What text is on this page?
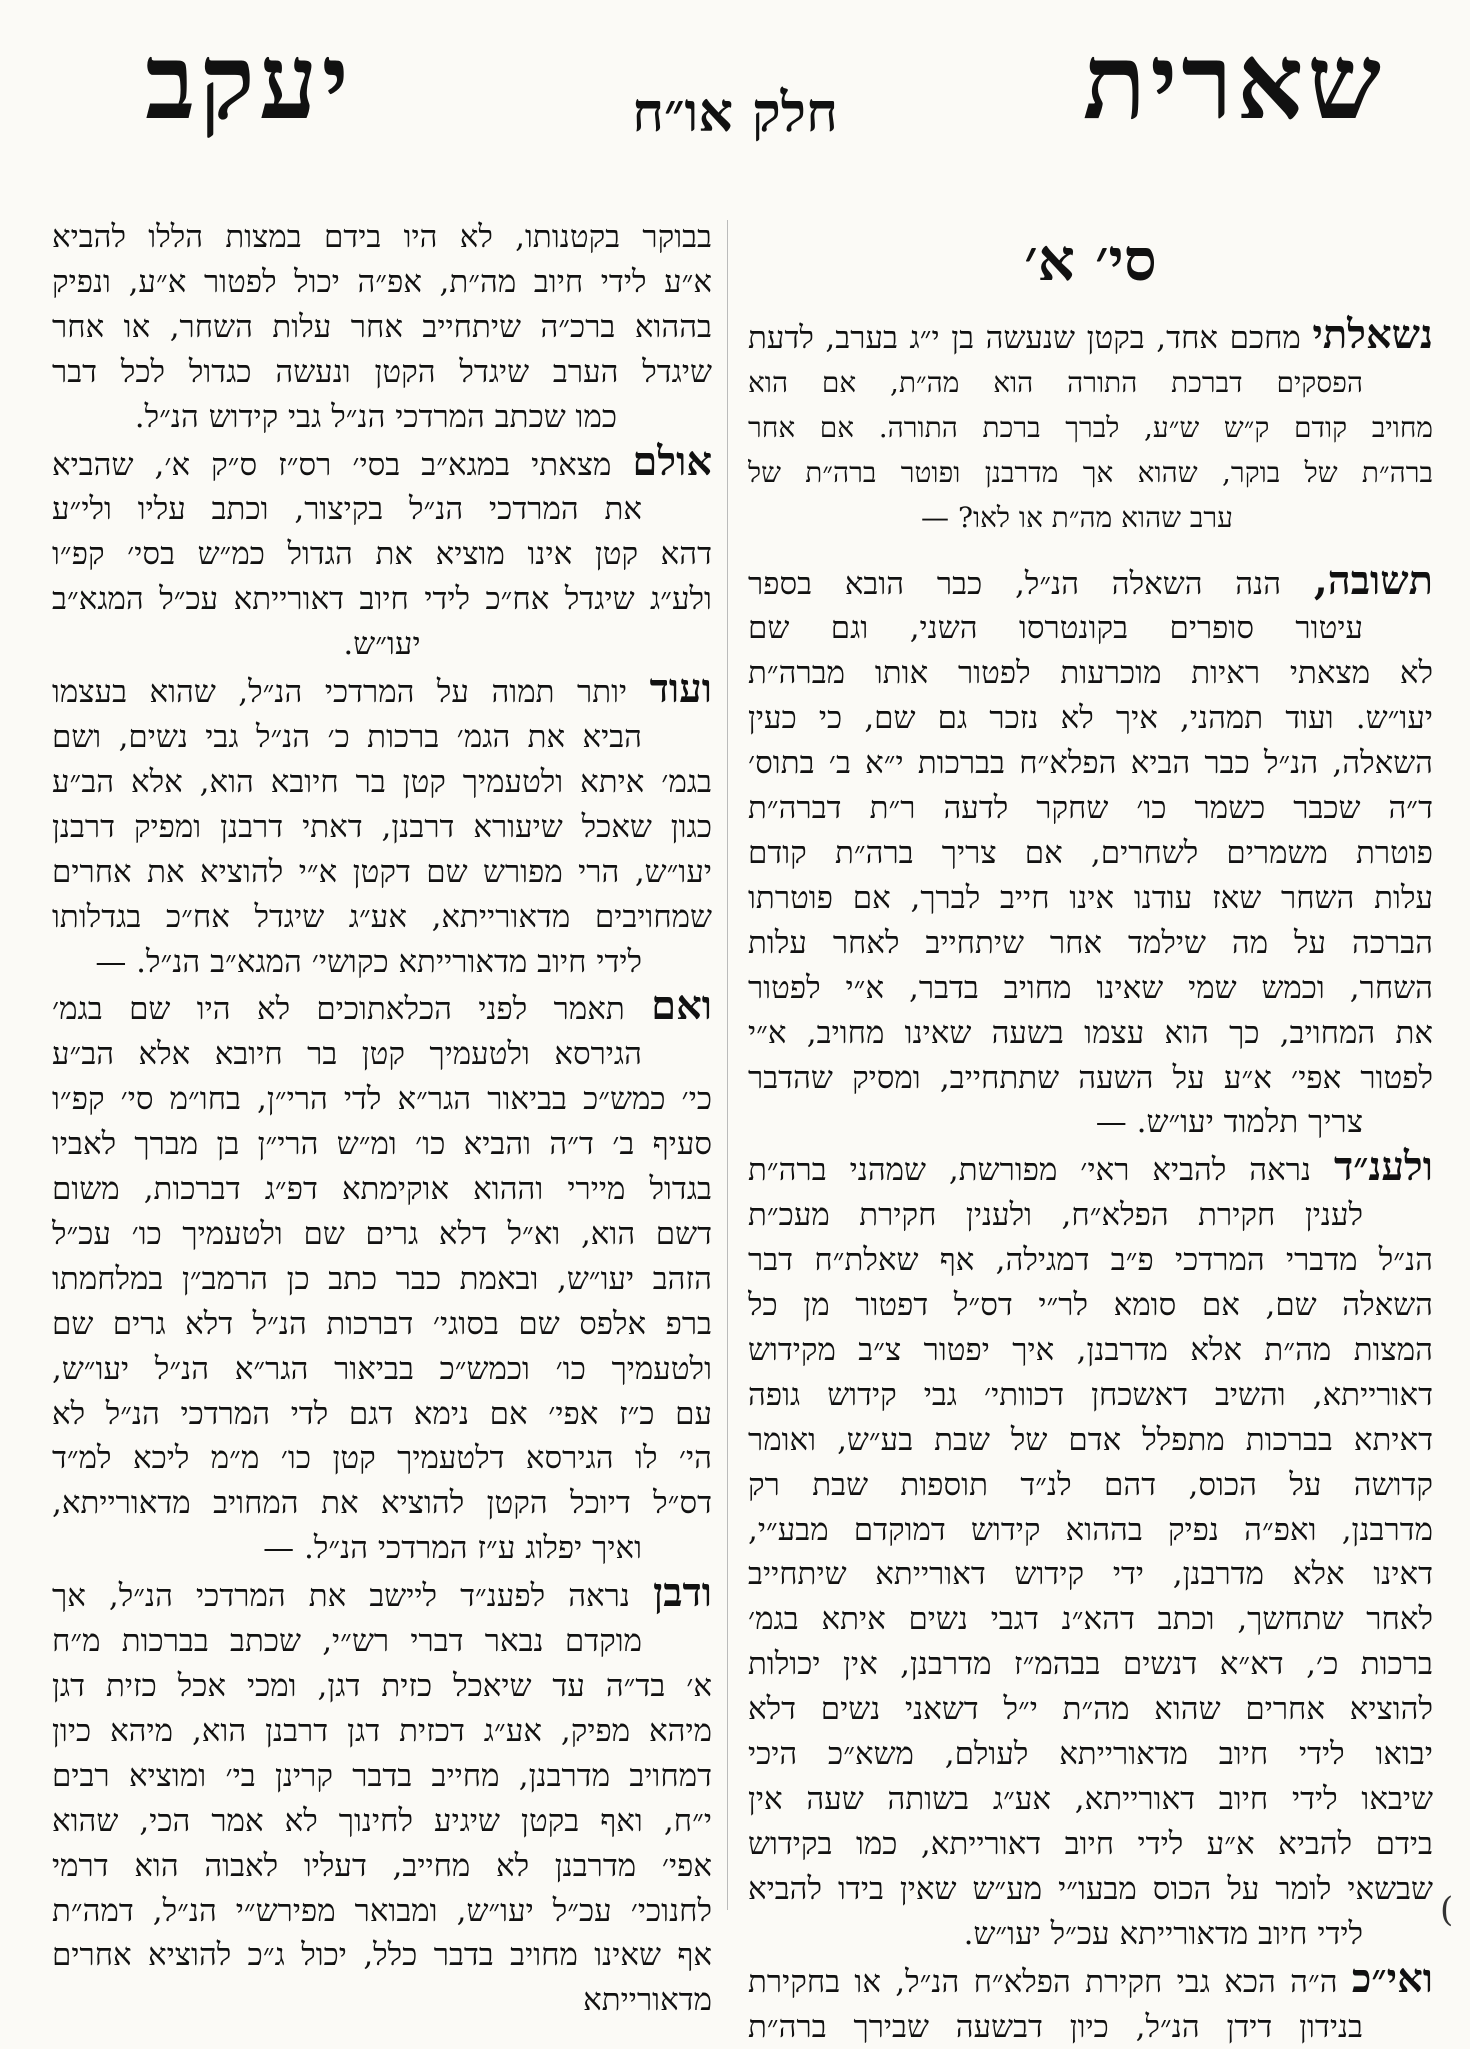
שארית
חלק או״ח
יעקב
סי׳ א׳
נשאלתי מחכם אחד, בקטן שנעשה בן י״ג בערב, לדעת
הפסקים דברכת התורה הוא מה״ת, אם הוא
מחויב קודם ק״ש ש״ע, לברך ברכת התורה. אם אחר
ברה״ת של בוקר, שהוא אך מדרבנן ופוטר ברה״ת של
ערב שהוא מה״ת או לאו? —
תשובה, הנה השאלה הנ״ל, כבר הובא בספר
עיטור סופרים בקונטרסו השני, וגם שם
לא מצאתי ראיות מוכרעות לפטור אותו מברה״ת
יעו״ש. ועוד תמהני, איך לא נזכר גם שם, כי כעין
השאלה, הנ״ל כבר הביא הפלא״ח בברכות י״א ב׳ בתוס׳
ד״ה שכבר כשמר כו׳ שחקר לדעה ר״ת דברה״ת
פוטרת משמרים לשחרים, אם צריך ברה״ת קודם
עלות השחר שאז עודנו אינו חייב לברך, אם פוטרתו
הברכה על מה שילמד אחר שיתחייב לאחר עלות
השחר, וכמש שמי שאינו מחויב בדבר, א״י לפטור
את המחויב, כך הוא עצמו בשעה שאינו מחויב, א״י
לפטור אפי׳ א״ע על השעה שתתחייב, ומסיק שהדבר
צריך תלמוד יעו״ש. —
ולענ״ד נראה להביא ראי׳ מפורשת, שמהני ברה״ת
לענין חקירת הפלא״ח, ולענין חקירת מעכ״ת
הנ״ל מדברי המרדכי פ״ב דמגילה, אף שאלת״ח דבר
השאלה שם, אם סומא לר״י דס״ל דפטור מן כל
המצות מה״ת אלא מדרבנן, איך יפטור צ״ב מקידוש
דאורייתא, והשיב דאשכחן דכוותי׳ גבי קידוש גופה
דאיתא בברכות מתפלל אדם של שבת בע״ש, ואומר
קדושה על הכוס, דהם לנ״ד תוספות שבת רק
מדרבנן, ואפ״ה נפיק בההוא קידוש דמוקדם מבע״י,
דאינו אלא מדרבנן, ידי קידוש דאורייתא שיתחייב
לאחר שתחשך, וכתב דהא״נ דגבי נשים איתא בגמ׳
ברכות כ׳, דא״א דנשים בבהמ״ז מדרבנן, אין יכולות
להוציא אחרים שהוא מה״ת י״ל דשאני נשים דלא
יבואו לידי חיוב מדאורייתא לעולם, משא״כ היכי
שיבאו לידי חיוב דאורייתא, אע״ג בשותה שעה אין
בידם להביא א״ע לידי חיוב דאורייתא, כמו בקידוש
שבשאי לומר על הכוס מבעו״י מע״ש שאין בידו להביא
לידי חיוב מדאורייתא עכ״ל יעו״ש.
ואי״כ ה״ה הכא גבי חקירת הפלא״ח הנ״ל, או בחקירת
בנידון דידן הנ״ל, כיון דבשעה שבירך ברה״ת
בבוקר בקטנותו, לא היו בידם במצות הללו להביא
א״ע לידי חיוב מה״ת, אפ״ה יכול לפטור א״ע, ונפיק
בההוא ברכ״ה שיתחייב אחר עלות השחר, או אחר
שיגדל הערב שיגדל הקטן ונעשה כגדול לכל דבר
כמו שכתב המרדכי הנ״ל גבי קידוש הנ״ל.
אולם מצאתי במגא״ב בסי׳ רס״ז ס״ק א׳, שהביא
את המרדכי הנ״ל בקיצור, וכתב עליו ולי״ע
דהא קטן אינו מוציא את הגדול כמ״ש בסי׳ קפ״ו
ולע״ג שיגדל אח״כ לידי חיוב דאורייתא עכ״ל המגא״ב
יעו״ש.
ועוד יותר תמוה על המרדכי הנ״ל, שהוא בעצמו
הביא את הגמ׳ ברכות כ׳ הנ״ל גבי נשים, ושם
בגמ׳ איתא ולטעמיך קטן בר חיובא הוא, אלא הב״ע
כגון שאכל שיעורא דרבנן, דאתי דרבנן ומפיק דרבנן
יעו״ש, הרי מפורש שם דקטן א״י להוציא את אחרים
שמחויבים מדאורייתא, אע״ג שיגדל אח״כ בגדלותו
לידי חיוב מדאורייתא כקושי׳ המגא״ב הנ״ל. —
ואם תאמר לפני הכלאתוכים לא היו שם בגמ׳
הגירסא ולטעמיך קטן בר חיובא אלא הב״ע
כי׳ כמש״כ בביאור הגר״א לדי הרי״ן, בחו״מ סי׳ קפ״ו
סעיף ב׳ ד״ה והביא כו׳ ומ״ש הרי״ן בן מברך לאביו
בגדול מיירי וההוא אוקימתא דפ״ג דברכות, משום
דשם הוא, וא״ל דלא גרים שם ולטעמיך כו׳ עכ״ל
הזהב יעו״ש, ובאמת כבר כתב כן הרמב״ן במלחמתו
ברפ אלפס שם בסוגי׳ דברכות הנ״ל דלא גרים שם
ולטעמיך כו׳ וכמש״כ בביאור הגר״א הנ״ל יעו״ש,
עם כ״ז אפי׳ אם נימא דגם לדי המרדכי הנ״ל לא
הי׳ לו הגירסא דלטעמיך קטן כו׳ מ״מ ליכא למ״ד
דס״ל דיוכל הקטן להוציא את המחויב מדאורייתא,
ואיך יפלוג ע״ז המרדכי הנ״ל. —
ודבן נראה לפענ״ד ליישב את המרדכי הנ״ל, אך
מוקדם נבאר דברי רש״י, שכתב בברכות מ״ח
א׳ בד״ה עד שיאכל כזית דגן, ומכי אכל כזית דגן
מיהא מפיק, אע״ג דכזית דגן דרבנן הוא, מיהא כיון
דמחויב מדרבנן, מחייב בדבר קרינן בי׳ ומוציא רבים
י״ח, ואף בקטן שיגיע לחינוך לא אמר הכי, שהוא
אפי׳ מדרבנן לא מחייב, דעליו לאבוה הוא דרמי
לחנוכי׳ עכ״ל יעו״ש, ומבואר מפירש״י הנ״ל, דמה״ת
אף שאינו מחויב בדבר כלל, יכול ג״כ להוציא אחרים
מדאורייתא
(
